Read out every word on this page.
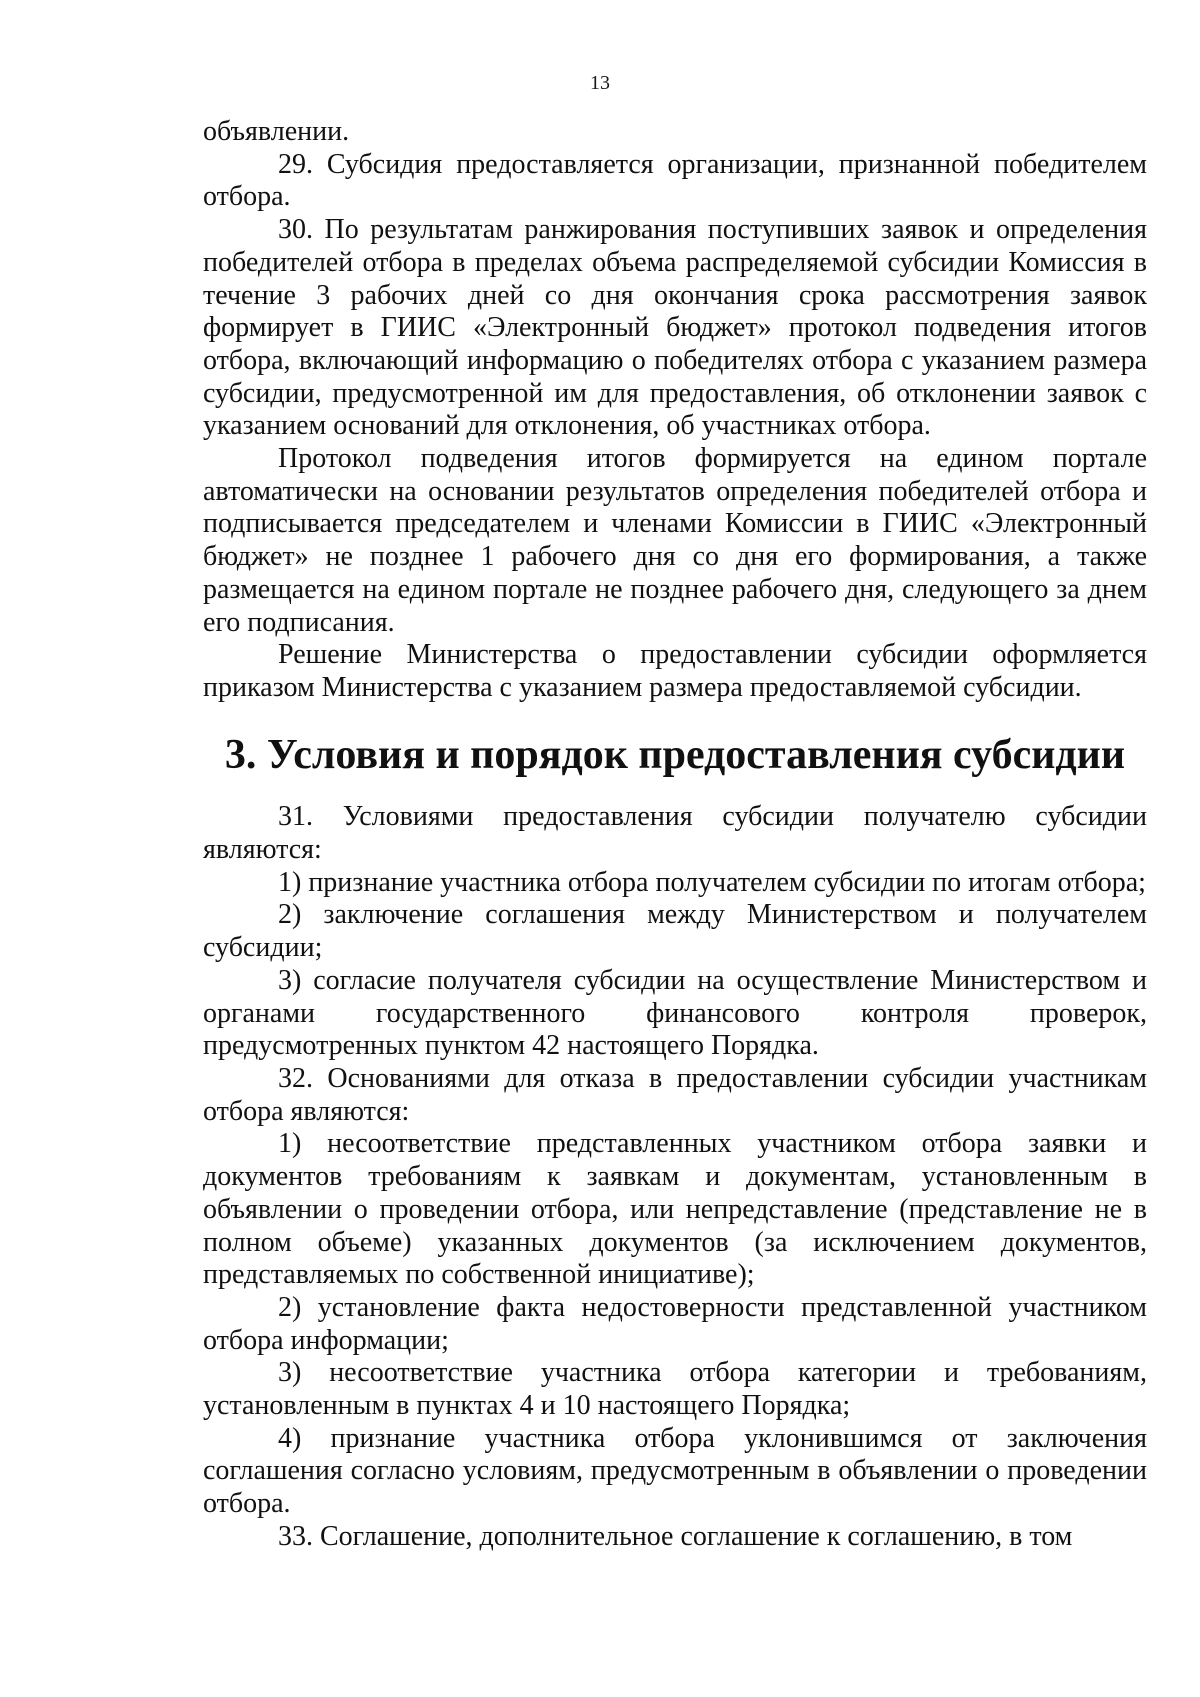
13

объявлении.

29. Субсидия предоставляется организации, признанной победителем отбора.

30. По результатам ранжирования поступивших заявок и определения победителей отбора в пределах объема распределяемой субсидии Комиссия в течение 3 рабочих дней со дня окончания срока рассмотрения заявок формирует в ГИИС «Электронный бюджет» протокол подведения итогов отбора, включающий информацию о победителях отбора с указанием размера субсидии, предусмотренной им для предоставления, об отклонении заявок с указанием оснований для отклонения, об участниках отбора.

Протокол подведения итогов формируется на едином портале автоматически на основании результатов определения победителей отбора и подписывается председателем и членами Комиссии в ГИИС «Электронный бюджет» не позднее 1 рабочего дня со дня его формирования, а также размещается на едином портале не позднее рабочего дня, следующего за днем его подписания.

Решение Министерства о предоставлении субсидии оформляется приказом Министерства с указанием размера предоставляемой субсидии.

3. Условия и порядок предоставления субсидии

31. Условиями предоставления субсидии получателю субсидии являются:

1) признание участника отбора получателем субсидии по итогам отбора;

2) заключение соглашения между Министерством и получателем субсидии;

3) согласие получателя субсидии на осуществление Министерством и органами государственного финансового контроля проверок, предусмотренных пунктом 42 настоящего Порядка.

32. Основаниями для отказа в предоставлении субсидии участникам отбора являются:

1) несоответствие представленных участником отбора заявки и документов требованиям к заявкам и документам, установленным в объявлении о проведении отбора, или непредставление (представление не в полном объеме) указанных документов (за исключением документов, представляемых по собственной инициативе);

2) установление факта недостоверности представленной участником отбора информации;

3) несоответствие участника отбора категории и требованиям, установленным в пунктах 4 и 10 настоящего Порядка;

4) признание участника отбора уклонившимся от заключения соглашения согласно условиям, предусмотренным в объявлении о проведении отбора.

33. Соглашение, дополнительное соглашение к соглашению, в том
